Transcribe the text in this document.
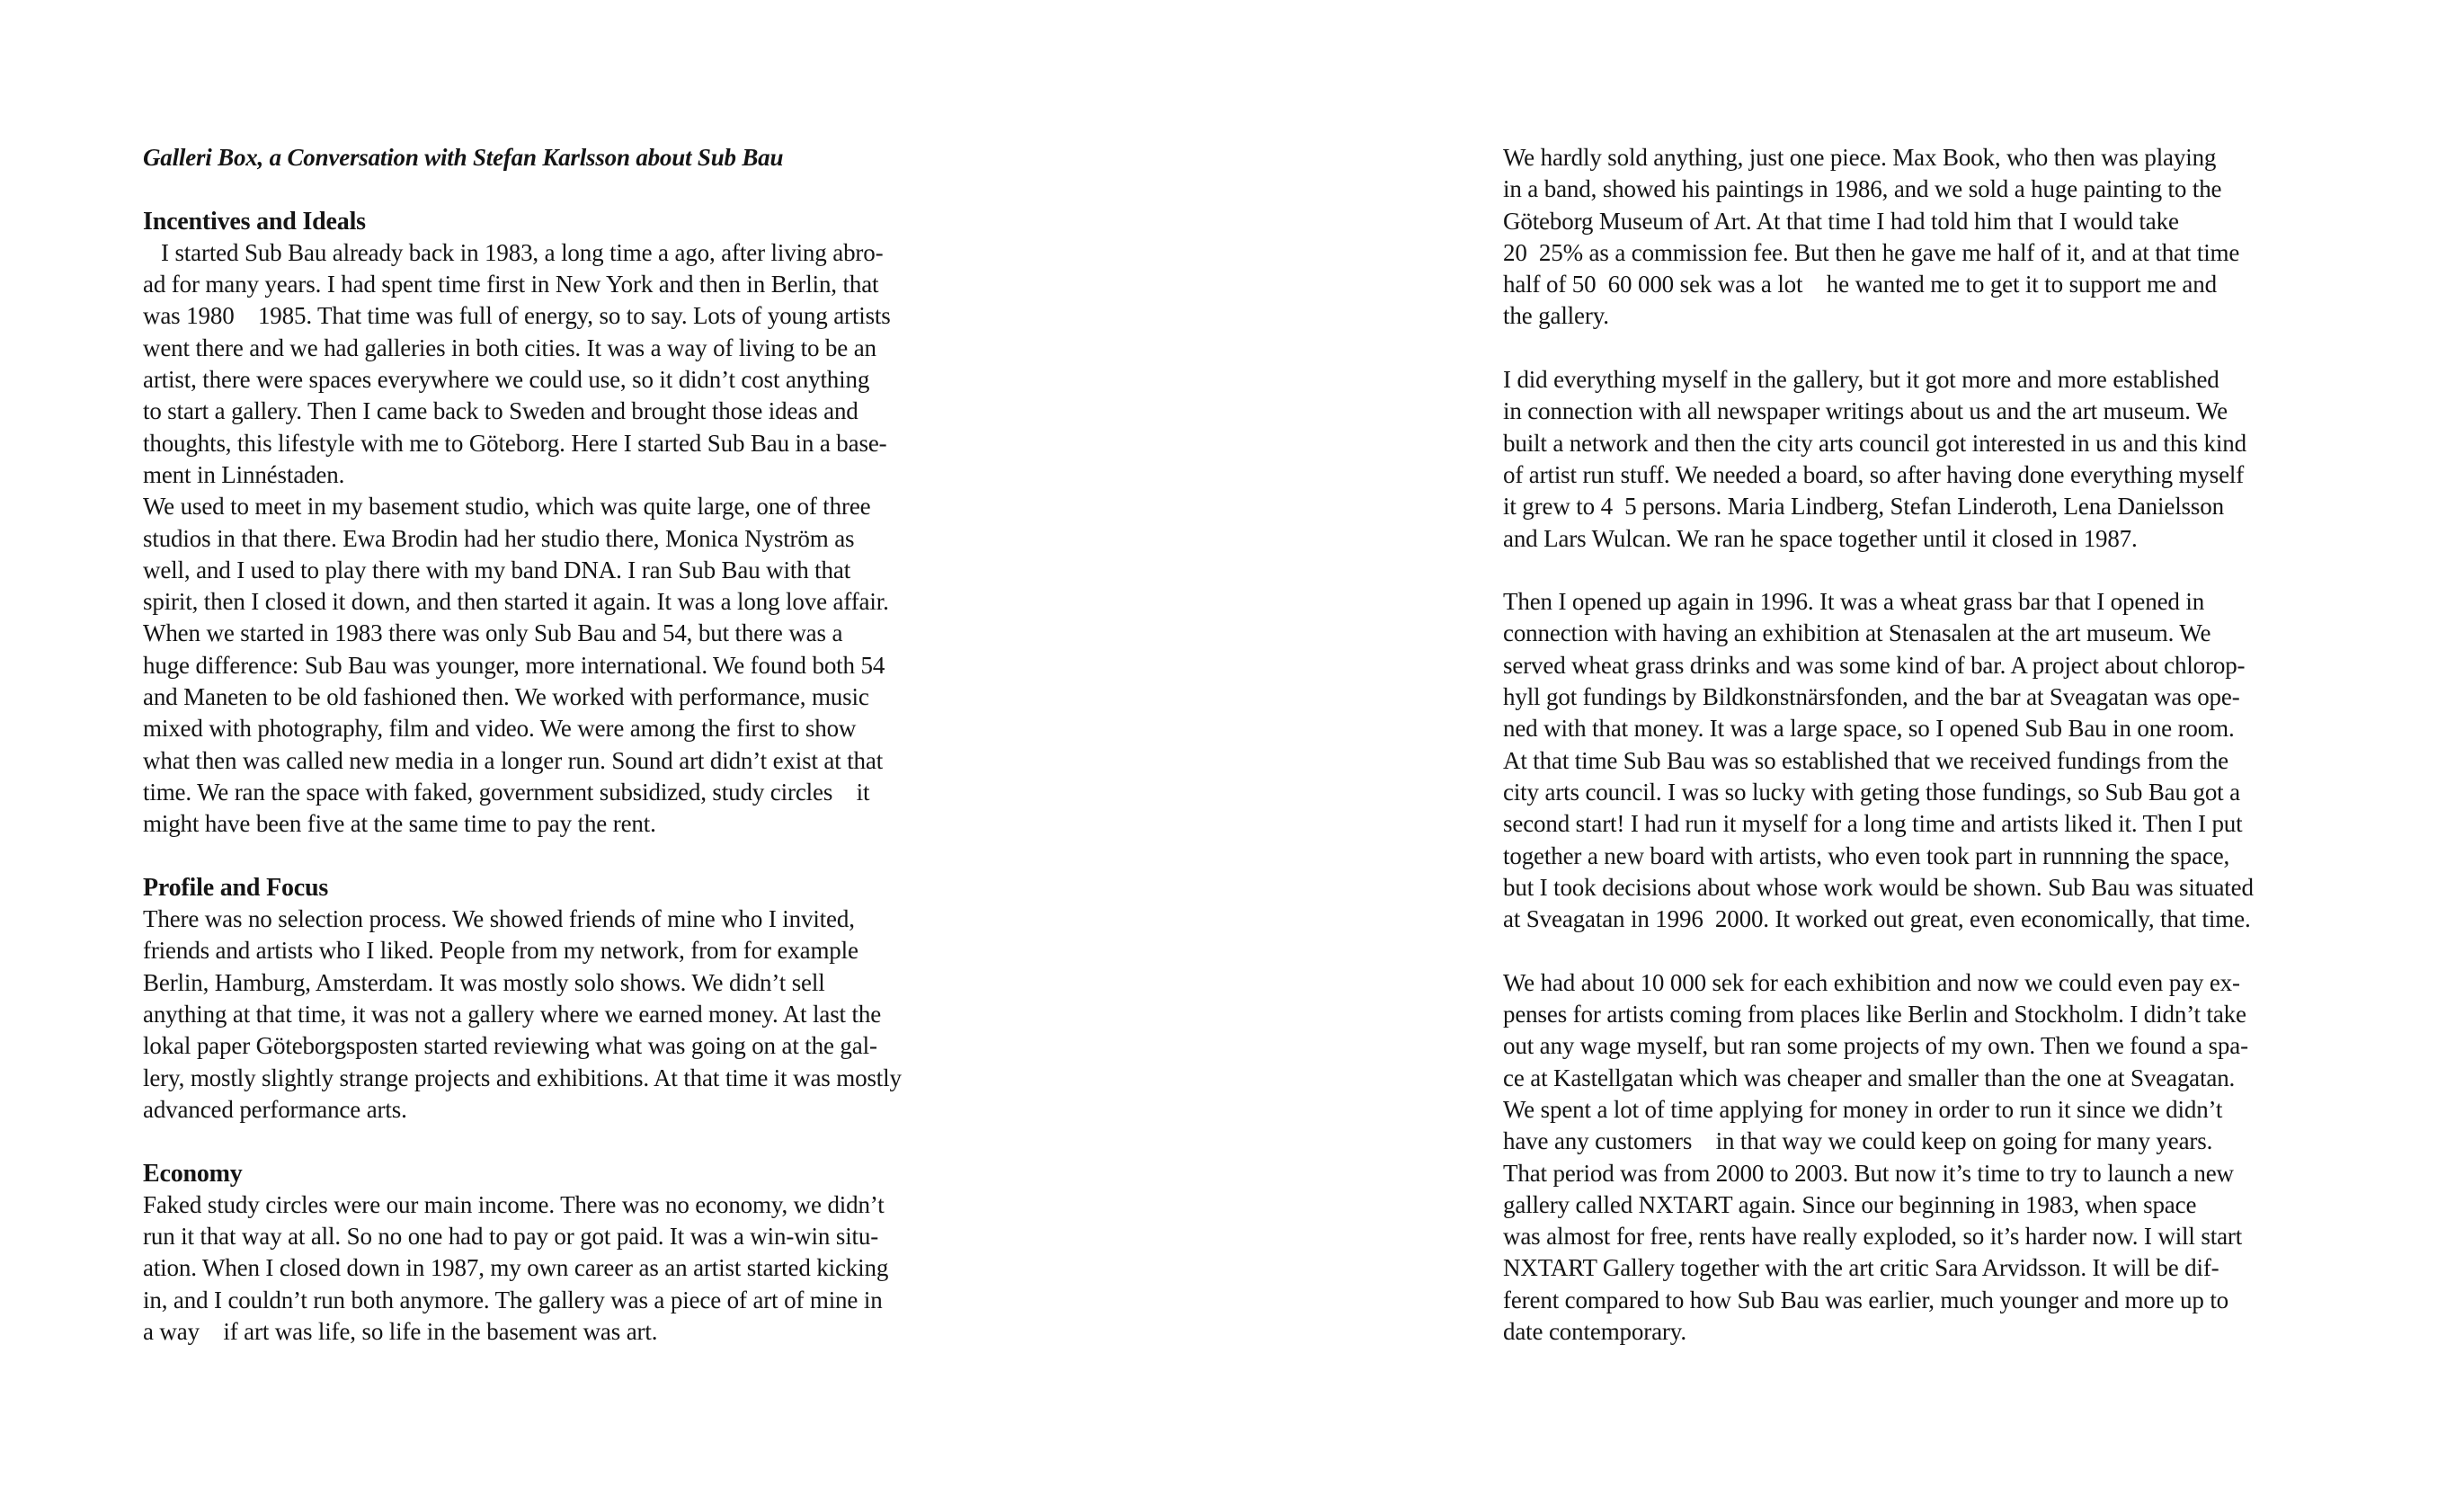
Galleri Box, a Conversation with Stefan Karlsson about Sub Bau
Incentives and Ideals
I started Sub Bau already back in 1983, a long time a ago, after living abro-
ad for many years. I had spent time first in New York and then in Berlin, that
was 1980    1985. That time was full of energy, so to say. Lots of young artists
went there and we had galleries in both cities. It was a way of living to be an
artist, there were spaces everywhere we could use, so it didn’t cost anything
to start a gallery. Then I came back to Sweden and brought those ideas and
thoughts, this lifestyle with me to Göteborg. Here I started Sub Bau in a base-
ment in Linnéstaden.
We used to meet in my basement studio, which was quite large, one of three
studios in that there. Ewa Brodin had her studio there, Monica Nyström as
well, and I used to play there with my band DNA. I ran Sub Bau with that
spirit, then I closed it down, and then started it again. It was a long love affair.
When we started in 1983 there was only Sub Bau and 54, but there was a
huge difference: Sub Bau was younger, more international. We found both 54
and Maneten to be old fashioned then. We worked with performance, music
mixed with photography, film and video. We were among the first to show
what then was called new media in a longer run. Sound art didn’t exist at that
time. We ran the space with faked, government subsidized, study circles    it
might have been five at the same time to pay the rent.
Profile and Focus
There was no selection process. We showed friends of mine who I invited,
friends and artists who I liked. People from my network, from for example
Berlin, Hamburg, Amsterdam. It was mostly solo shows. We didn’t sell
anything at that time, it was not a gallery where we earned money. At last the
lokal paper Göteborgsposten started reviewing what was going on at the gal-
lery, mostly slightly strange projects and exhibitions. At that time it was mostly
advanced performance arts.
Economy
Faked study circles were our main income. There was no economy, we didn’t
run it that way at all. So no one had to pay or got paid. It was a win-win situ-
ation. When I closed down in 1987, my own career as an artist started kicking
in, and I couldn’t run both anymore. The gallery was a piece of art of mine in
a way    if art was life, so life in the basement was art.
We hardly sold anything, just one piece. Max Book, who then was playing
in a band, showed his paintings in 1986, and we sold a huge painting to the
Göteborg Museum of Art. At that time I had told him that I would take
20  25% as a commission fee. But then he gave me half of it, and at that time
half of 50  60 000 sek was a lot    he wanted me to get it to support me and
the gallery.
I did everything myself in the gallery, but it got more and more established
in connection with all newspaper writings about us and the art museum. We
built a network and then the city arts council got interested in us and this kind
of artist run stuff. We needed a board, so after having done everything myself
it grew to 4  5 persons. Maria Lindberg, Stefan Linderoth, Lena Danielsson
and Lars Wulcan. We ran he space together until it closed in 1987.
Then I opened up again in 1996. It was a wheat grass bar that I opened in
connection with having an exhibition at Stenasalen at the art museum. We
served wheat grass drinks and was some kind of bar. A project about chlorop-
hyll got fundings by Bildkonstnärsfonden, and the bar at Sveagatan was ope-
ned with that money. It was a large space, so I opened Sub Bau in one room.
At that time Sub Bau was so established that we received fundings from the
city arts council. I was so lucky with geting those fundings, so Sub Bau got a
second start! I had run it myself for a long time and artists liked it. Then I put
together a new board with artists, who even took part in runnning the space,
but I took decisions about whose work would be shown. Sub Bau was situated
at Sveagatan in 1996  2000. It worked out great, even economically, that time.
We had about 10 000 sek for each exhibition and now we could even pay ex-
penses for artists coming from places like Berlin and Stockholm. I didn’t take
out any wage myself, but ran some projects of my own. Then we found a spa-
ce at Kastellgatan which was cheaper and smaller than the one at Sveagatan.
We spent a lot of time applying for money in order to run it since we didn’t
have any customers    in that way we could keep on going for many years.
That period was from 2000 to 2003. But now it’s time to try to launch a new
gallery called NXTART again. Since our beginning in 1983, when space
was almost for free, rents have really exploded, so it’s harder now. I will start
NXTART Gallery together with the art critic Sara Arvidsson. It will be dif-
ferent compared to how Sub Bau was earlier, much younger and more up to
date contemporary.
